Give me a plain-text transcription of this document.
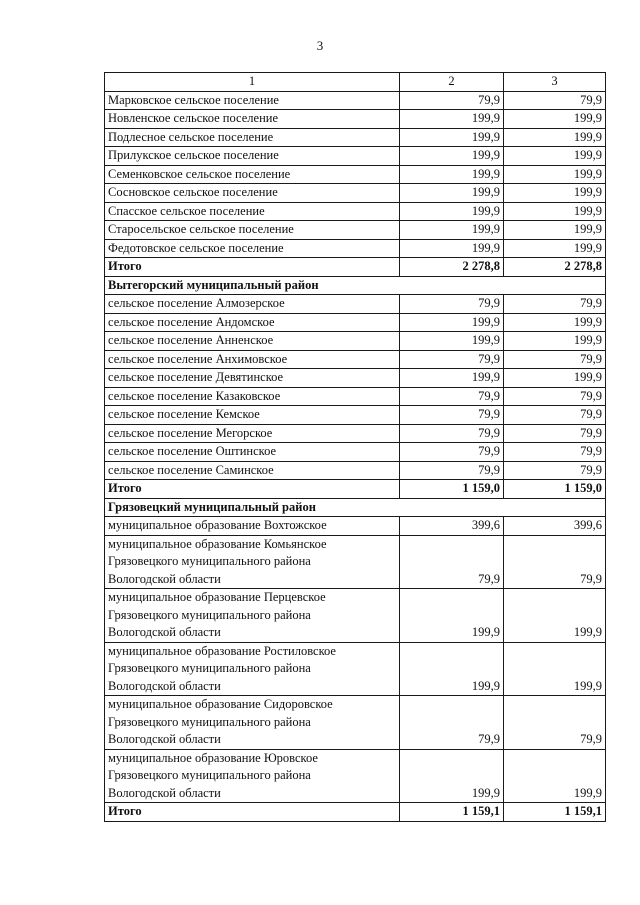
3
1	2	3
Марковское сельское поселение	79,9	79,9
Новленское сельское поселение	199,9	199,9
Подлесное сельское поселение	199,9	199,9
Прилукское сельское поселение	199,9	199,9
Семенковское сельское поселение	199,9	199,9
Сосновское сельское поселение	199,9	199,9
Спасское сельское поселение	199,9	199,9
Старосельское сельское поселение	199,9	199,9
Федотовское сельское поселение	199,9	199,9
Итого	2 278,8	2 278,8
Вытегорский муниципальный район		
сельское поселение Алмозерское	79,9	79,9
сельское поселение Андомское	199,9	199,9
сельское поселение Анненское	199,9	199,9
сельское поселение Анхимовское	79,9	79,9
сельское поселение Девятинское	199,9	199,9
сельское поселение Казаковское	79,9	79,9
сельское поселение Кемское	79,9	79,9
сельское поселение Мегорское	79,9	79,9
сельское поселение Оштинское	79,9	79,9
сельское поселение Саминское	79,9	79,9
Итого	1 159,0	1 159,0
Грязовецкий муниципальный район		
муниципальное образование Вохтожское	399,6	399,6
муниципальное образование Комьянское
Грязовецкого муниципального района
Вологодской области	79,9	79,9
муниципальное образование Перцевское
Грязовецкого муниципального района
Вологодской области	199,9	199,9
муниципальное образование Ростиловское
Грязовецкого муниципального района
Вологодской области	199,9	199,9
муниципальное образование Сидоровское
Грязовецкого муниципального района
Вологодской области	79,9	79,9
муниципальное образование Юровское
Грязовецкого муниципального района
Вологодской области	199,9	199,9
Итого	1 159,1	1 159,1
